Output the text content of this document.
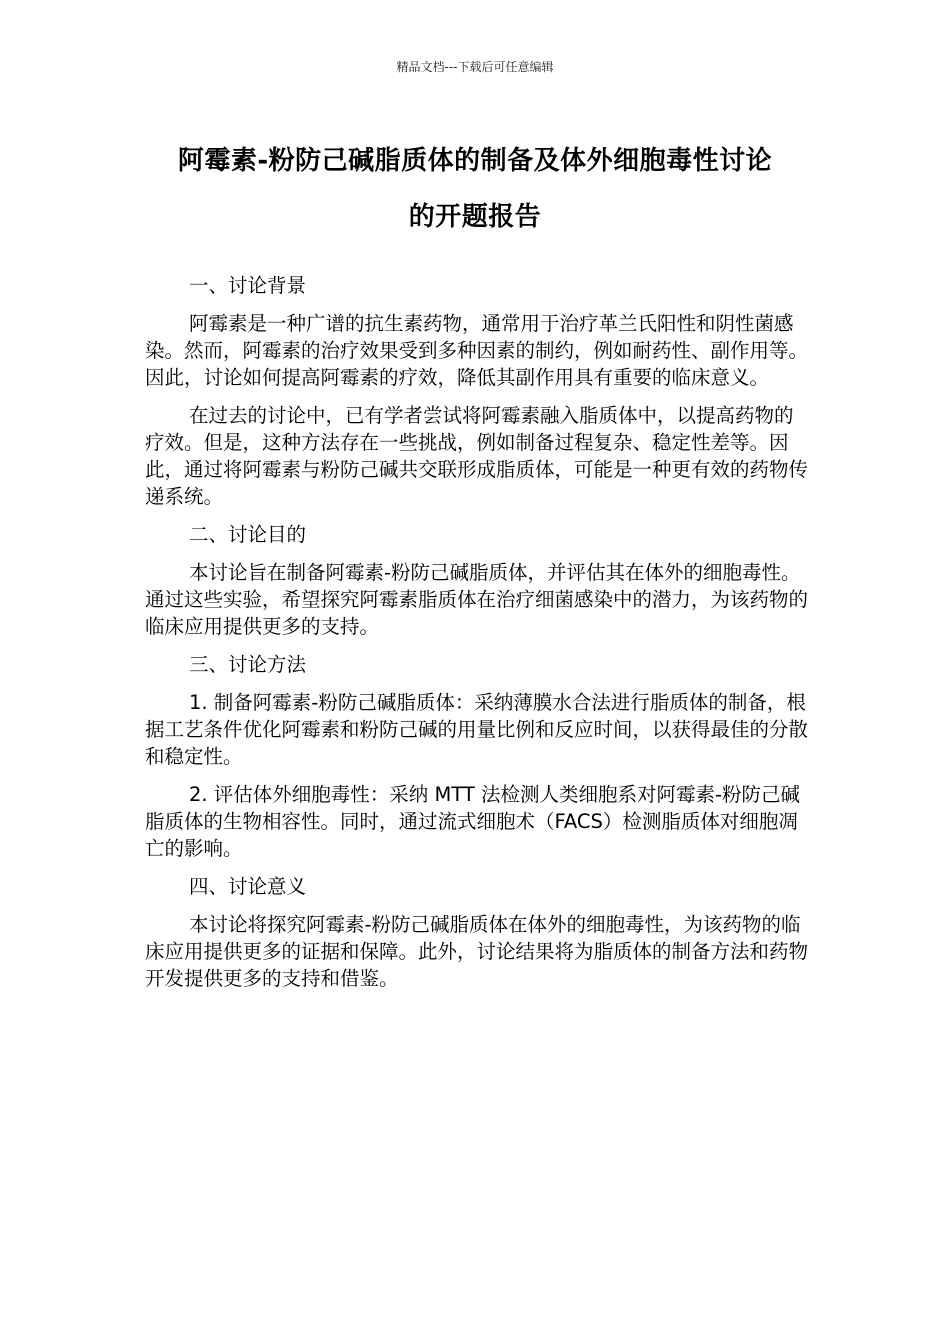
精品文档---下载后可任意编辑
阿霉素-粉防己碱脂质体的制备及体外细胞毒性讨论
的开题报告

一、讨论背景

阿霉素是一种广谱的抗生素药物，通常用于治疗革兰氏阳性和阴性菌感染。然而，阿霉素的治疗效果受到多种因素的制约，例如耐药性、副作用等。因此，讨论如何提高阿霉素的疗效，降低其副作用具有重要的临床意义。

在过去的讨论中，已有学者尝试将阿霉素融入脂质体中，以提高药物的疗效。但是，这种方法存在一些挑战，例如制备过程复杂、稳定性差等。因此，通过将阿霉素与粉防己碱共交联形成脂质体，可能是一种更有效的药物传递系统。

二、讨论目的

本讨论旨在制备阿霉素-粉防己碱脂质体，并评估其在体外的细胞毒性。通过这些实验，希望探究阿霉素脂质体在治疗细菌感染中的潜力，为该药物的临床应用提供更多的支持。

三、讨论方法

1. 制备阿霉素-粉防己碱脂质体：采纳薄膜水合法进行脂质体的制备，根据工艺条件优化阿霉素和粉防己碱的用量比例和反应时间，以获得最佳的分散和稳定性。

2. 评估体外细胞毒性：采纳 MTT 法检测人类细胞系对阿霉素-粉防己碱脂质体的生物相容性。同时，通过流式细胞术（FACS）检测脂质体对细胞凋亡的影响。

四、讨论意义

本讨论将探究阿霉素-粉防己碱脂质体在体外的细胞毒性，为该药物的临床应用提供更多的证据和保障。此外，讨论结果将为脂质体的制备方法和药物开发提供更多的支持和借鉴。
